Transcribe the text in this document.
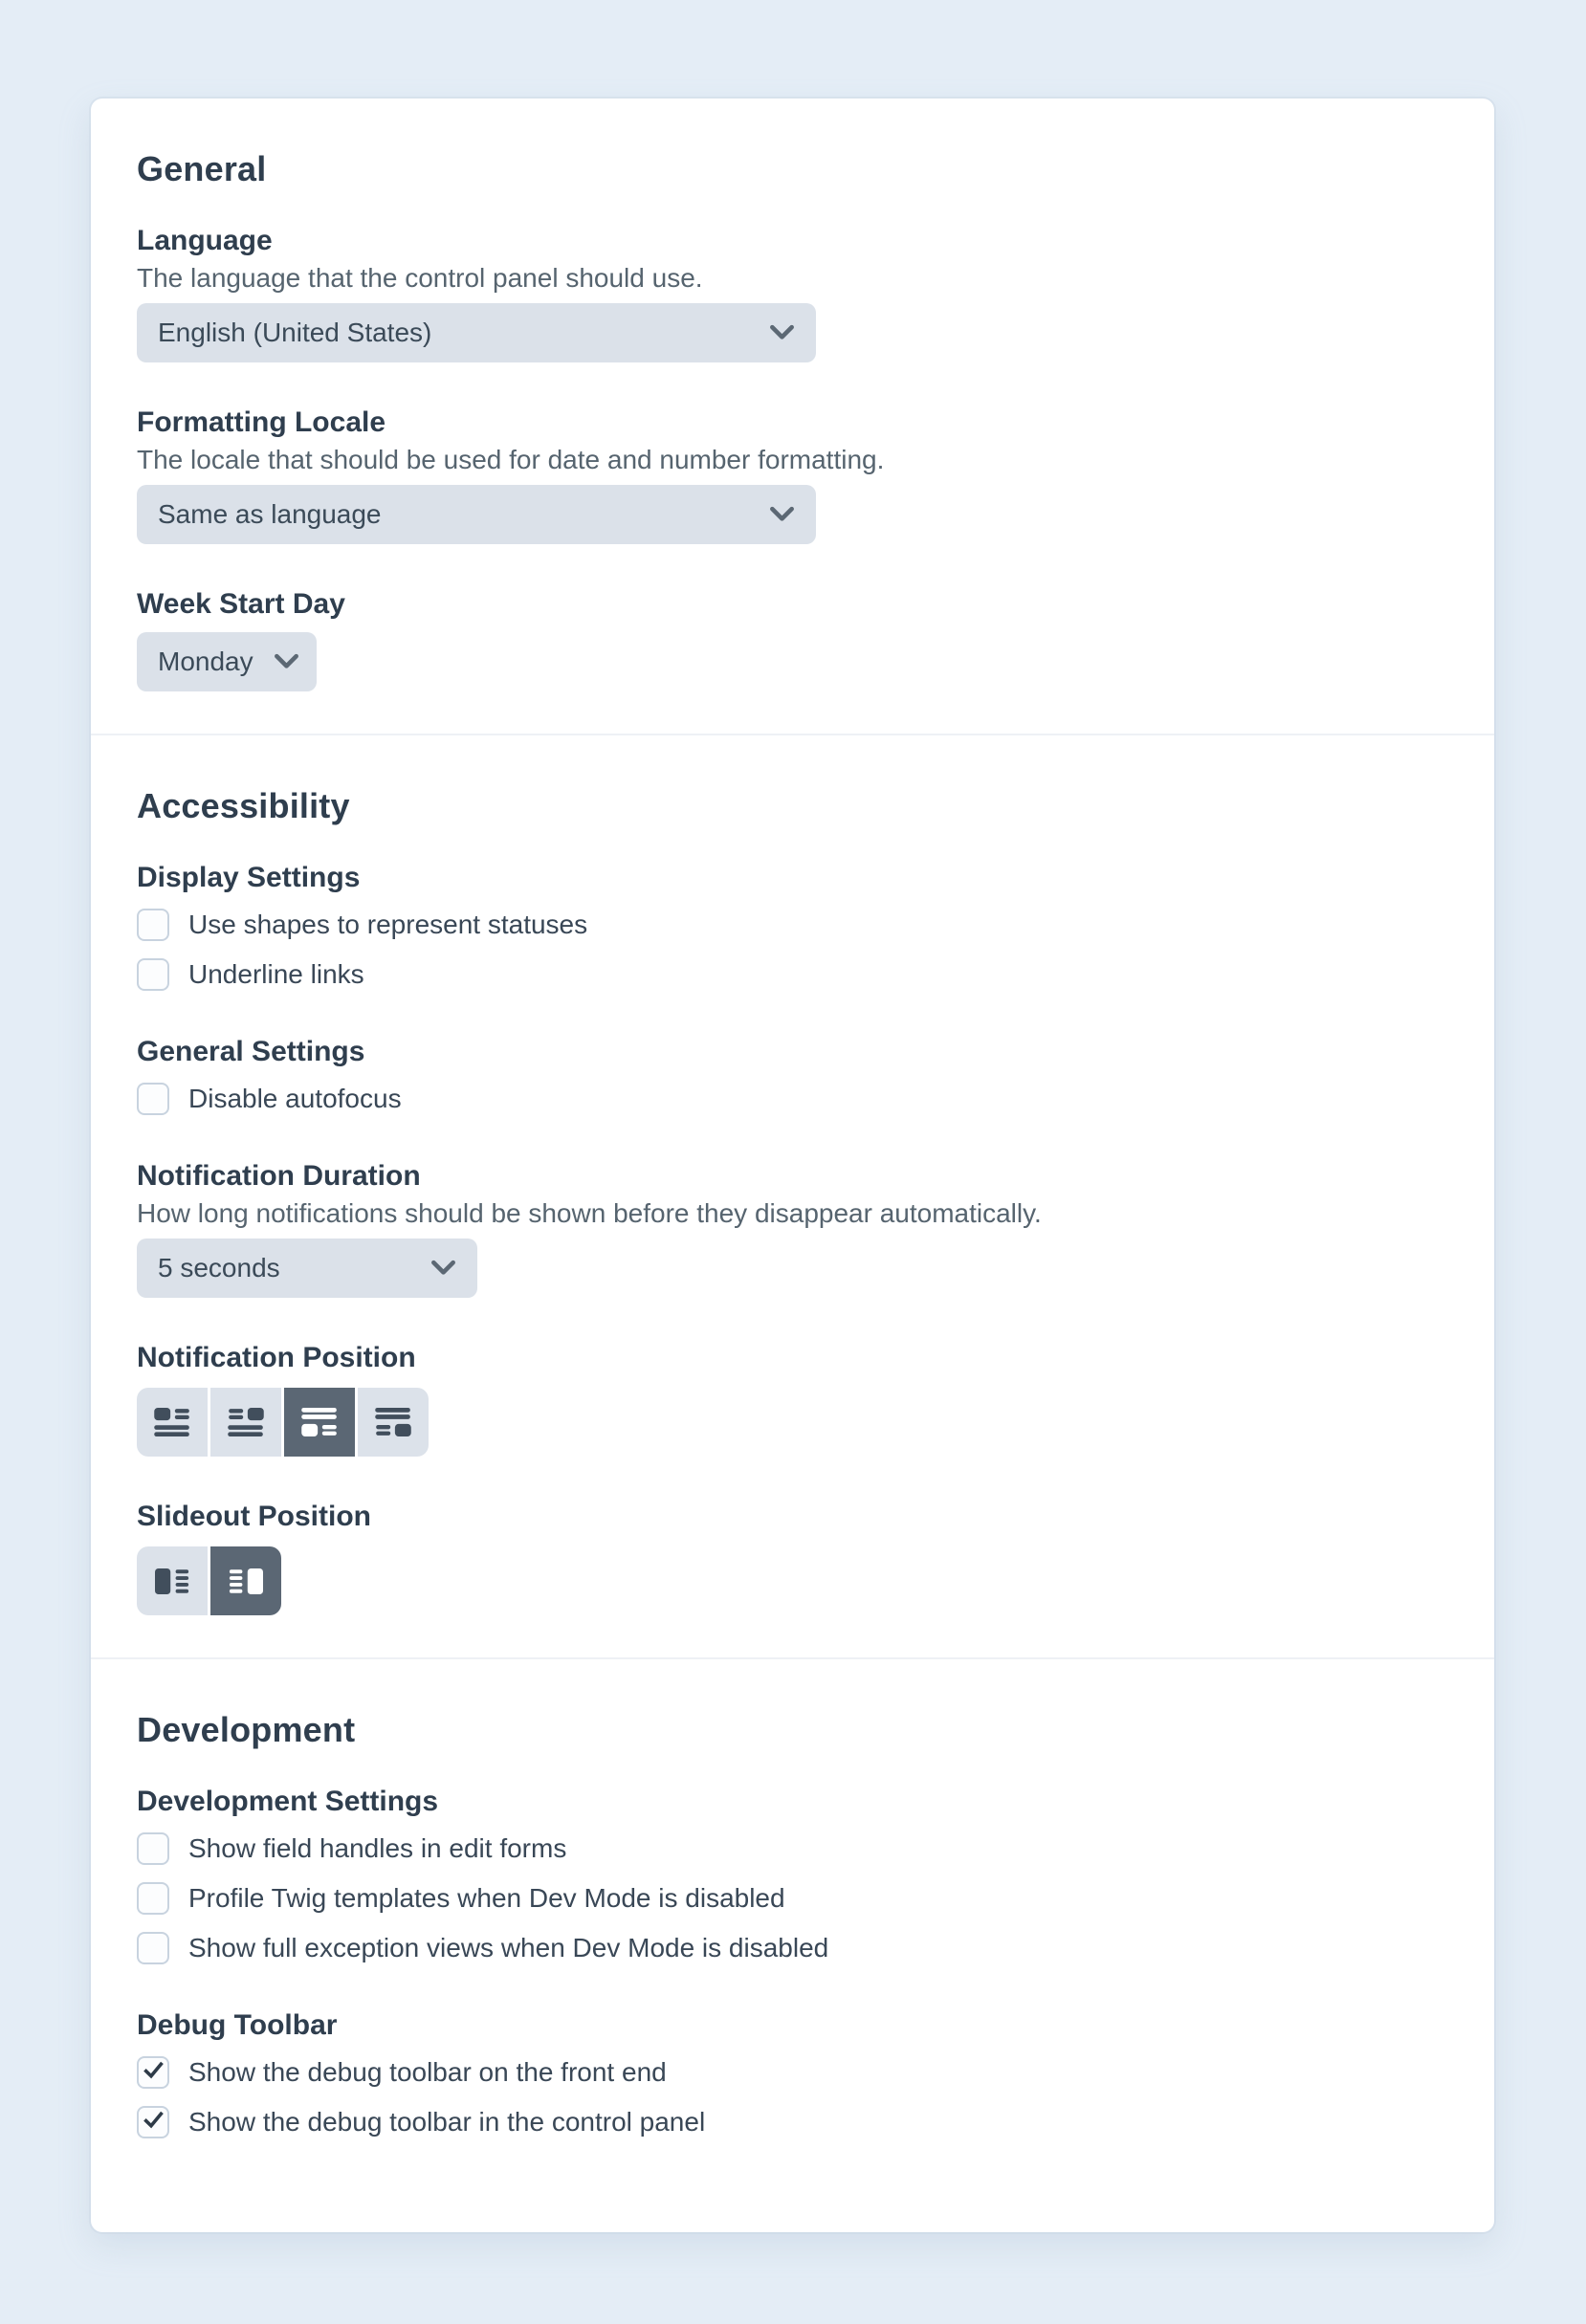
General
Language

The language that the control panel should use.

English (United States)
Formatting Locale

The locale that should be used for date and number formatting.

Same as language
Week Start Day
Monday
Accessibility
Display Settings
Use shapes to represent statuses
Underline links
General Settings
Disable autofocus
Notification Duration

How long notifications should be shown before they disappear automatically.

5 seconds
Notification Position
Slideout Position
Development
Development Settings
Show field handles in edit forms
Profile Twig templates when Dev Mode is disabled
Show full exception views when Dev Mode is disabled
Debug Toolbar
Show the debug toolbar on the front end
Show the debug toolbar in the control panel
